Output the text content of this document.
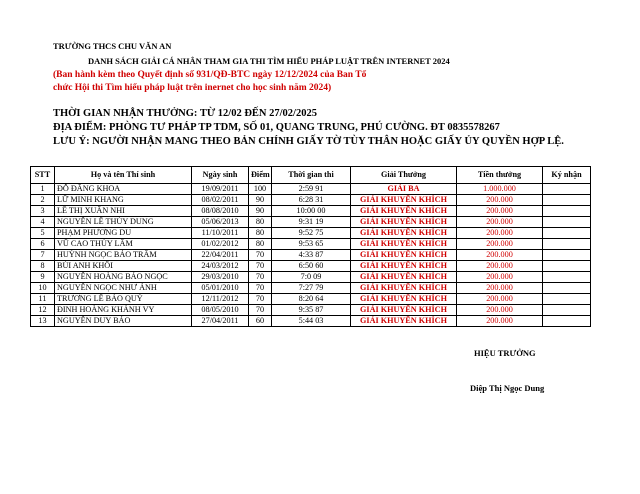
TRƯỜNG THCS CHU VĂN AN
DANH SÁCH GIẢI CÁ NHÂN THAM GIA THI TÌM HIỂU PHÁP LUẬT TRÊN INTERNET 2024
(Ban hành kèm theo Quyết định số 931/QĐ-BTC ngày 12/12/2024 của Ban Tổ
chức Hội thi Tìm hiểu pháp luật trên inernet cho học sinh năm 2024)
THỜI GIAN NHẬN THƯỞNG: TỪ 12/02 ĐẾN 27/02/2025
ĐỊA ĐIỂM: PHÒNG TƯ PHÁP TP TDM, SỐ 01, QUANG TRUNG, PHÚ CƯỜNG. ĐT 0835578267
LƯU Ý: NGƯỜI NHẬN MANG THEO BẢN CHÍNH GIẤY TỜ TÙY THÂN HOẶC GIẤY ỦY QUYỀN HỢP LỆ.
STT	Họ và tên Thí sinh	Ngày sinh	Điểm	Thời gian thi	Giải Thưởng	Tiền thưởng	Ký nhận
1	ĐỖ ĐĂNG KHOA	19/09/2011	100	2:59 91	GIẢI BA	1.000.000	
2	LỮ MINH KHANG	08/02/2011	90	6:28 31	GIẢI KHUYẾN KHÍCH	200.000	
3	LÊ THỊ XUÂN NHI	08/08/2010	90	10:00 00	GIẢI KHUYẾN KHÍCH	200.000	
4	NGUYỄN LÊ THÙY DUNG	05/06/2013	80	9:31 19	GIẢI KHUYẾN KHÍCH	200.000	
5	PHẠM PHƯƠNG DU	11/10/2011	80	9:52 75	GIẢI KHUYẾN KHÍCH	200.000	
6	VŨ CAO THÙY LÂM	01/02/2012	80	9:53 65	GIẢI KHUYẾN KHÍCH	200.000	
7	HUỲNH NGỌC BẢO TRÂM	22/04/2011	70	4:33 87	GIẢI KHUYẾN KHÍCH	200.000	
8	BÙI ANH KHÔI	24/03/2012	70	6:50 60	GIẢI KHUYẾN KHÍCH	200.000	
9	NGUYỄN HOÀNG BẢO NGỌC	29/03/2010	70	7:0 09	GIẢI KHUYẾN KHÍCH	200.000	
10	NGUYỄN NGỌC NHƯ ÁNH	05/01/2010	70	7:27 79	GIẢI KHUYẾN KHÍCH	200.000	
11	TRƯƠNG LÊ BẢO QUÝ	12/11/2012	70	8:20 64	GIẢI KHUYẾN KHÍCH	200.000	
12	ĐINH HOÀNG KHÁNH VY	08/05/2010	70	9:35 87	GIẢI KHUYẾN KHÍCH	200.000	
13	NGUYỄN DUY BẢO	27/04/2011	60	5:44 03	GIẢI KHUYẾN KHÍCH	200.000	
HIỆU TRƯỞNG
Diệp Thị Ngọc Dung
